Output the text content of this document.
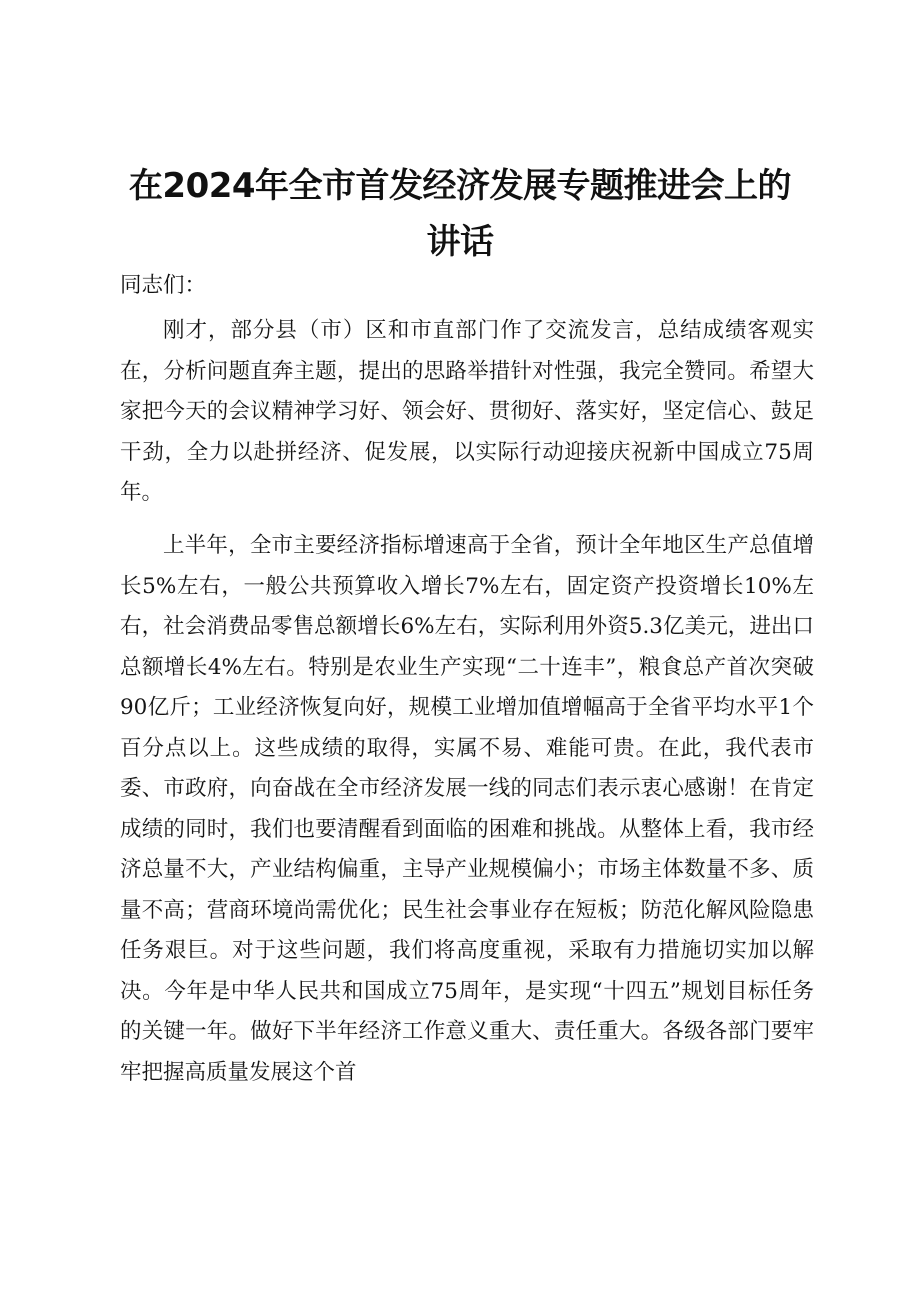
在2024年全市首发经济发展专题推进会上的
讲话
同志们：

刚才，部分县（市）区和市直部门作了交流发言，总结成绩客观实在，分析问题直奔主题，提出的思路举措针对性强，我完全赞同。希望大家把今天的会议精神学习好、领会好、贯彻好、落实好，坚定信心、鼓足干劲，全力以赴拼经济、促发展，以实际行动迎接庆祝新中国成立75周年。

上半年，全市主要经济指标增速高于全省，预计全年地区生产总值增长5%左右，一般公共预算收入增长7%左右，固定资产投资增长10%左右，社会消费品零售总额增长6%左右，实际利用外资5.3亿美元，进出口总额增长4%左右。特别是农业生产实现“二十连丰”，粮食总产首次突破90亿斤；工业经济恢复向好，规模工业增加值增幅高于全省平均水平1个百分点以上。这些成绩的取得，实属不易、难能可贵。在此，我代表市委、市政府，向奋战在全市经济发展一线的同志们表示衷心感谢！在肯定成绩的同时，我们也要清醒看到面临的困难和挑战。从整体上看，我市经济总量不大，产业结构偏重，主导产业规模偏小；市场主体数量不多、质量不高；营商环境尚需优化；民生社会事业存在短板；防范化解风险隐患任务艰巨。对于这些问题，我们将高度重视，采取有力措施切实加以解决。今年是中华人民共和国成立75周年，是实现“十四五”规划目标任务的关键一年。做好下半年经济工作意义重大、责任重大。各级各部门要牢牢把握高质量发展这个首
